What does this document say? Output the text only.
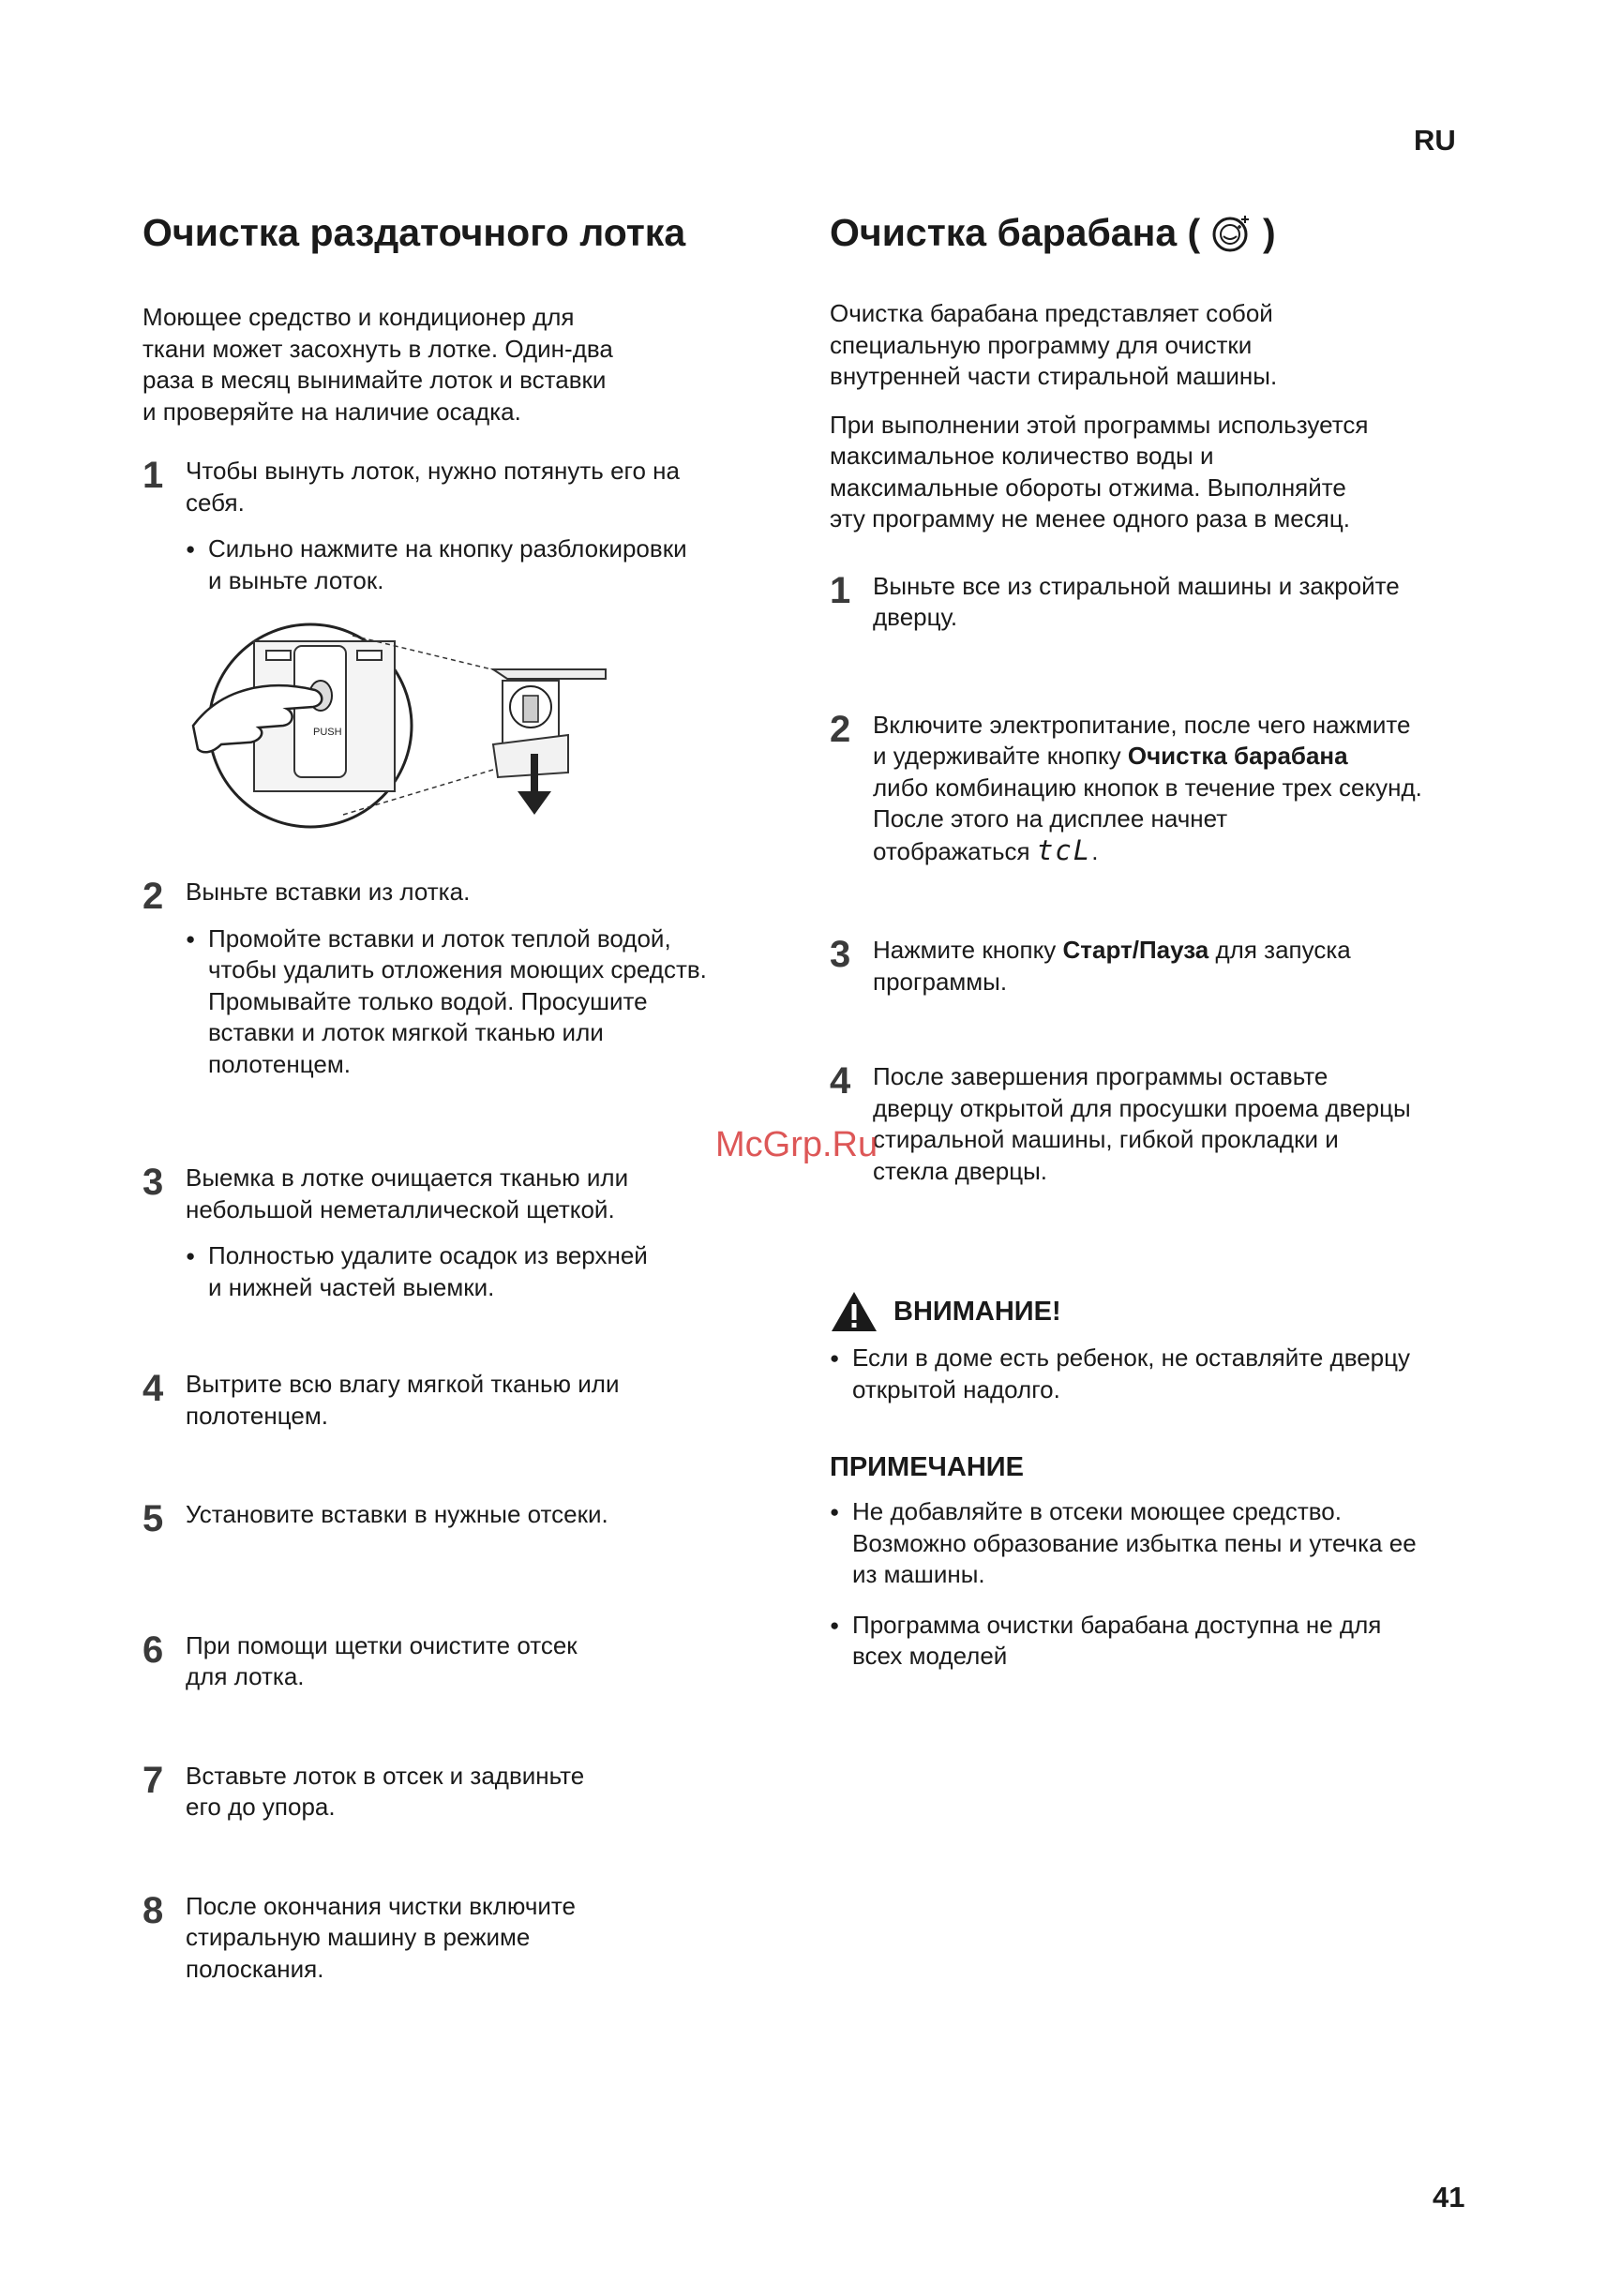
RU
Очистка раздаточного лотка
Моющее средство и кондиционер для
ткани может засохнуть в лотке. Один-два
раза в месяц вынимайте лоток и вставки
и проверяйте на наличие осадка.
1 Чтобы вынуть лоток, нужно потянуть его на
себя.
● Сильно нажмите на кнопку разблокировки
и выньте лоток.
PUSH
2 Выньте вставки из лотка.
● Промойте вставки и лоток теплой водой,
чтобы удалить отложения моющих средств.
Промывайте только водой. Просушите
вставки и лоток мягкой тканью или
полотенцем.
3 Выемка в лотке очищается тканью или
небольшой неметаллической щеткой.
● Полностью удалите осадок из верхней
и нижней частей выемки.
4 Вытрите всю влагу мягкой тканью или
полотенцем.
5 Установите вставки в нужные отсеки.
6 При помощи щетки очистите отсек
для лотка.
7 Вставьте лоток в отсек и задвиньте
его до упора.
8 После окончания чистки включите
стиральную машину в режиме
полоскания.
Очистка барабана ( )
Очистка барабана представляет собой
специальную программу для очистки
внутренней части стиральной машины.
При выполнении этой программы используется
максимальное количество воды и
максимальные обороты отжима. Выполняйте
эту программу не менее одного раза в месяц.
1 Выньте все из стиральной машины и закройте
дверцу.
2 Включите электропитание, после чего нажмите
и удерживайте кнопку Очистка барабана
либо комбинацию кнопок в течение трех секунд.
После этого на дисплее начнет
отображаться tcL.
3 Нажмите кнопку Старт/Пауза для запуска
программы.
4 После завершения программы оставьте
дверцу открытой для просушки проема дверцы
стиральной машины, гибкой прокладки и
стекла дверцы.
ВНИМАНИЕ!
● Если в доме есть ребенок, не оставляйте дверцу
открытой надолго.
ПРИМЕЧАНИЕ
● Не добавляйте в отсеки моющее средство.
Возможно образование избытка пены и утечка ее
из машины.
● Программа очистки барабана доступна не для
всех моделей
McGrp.Ru
41
